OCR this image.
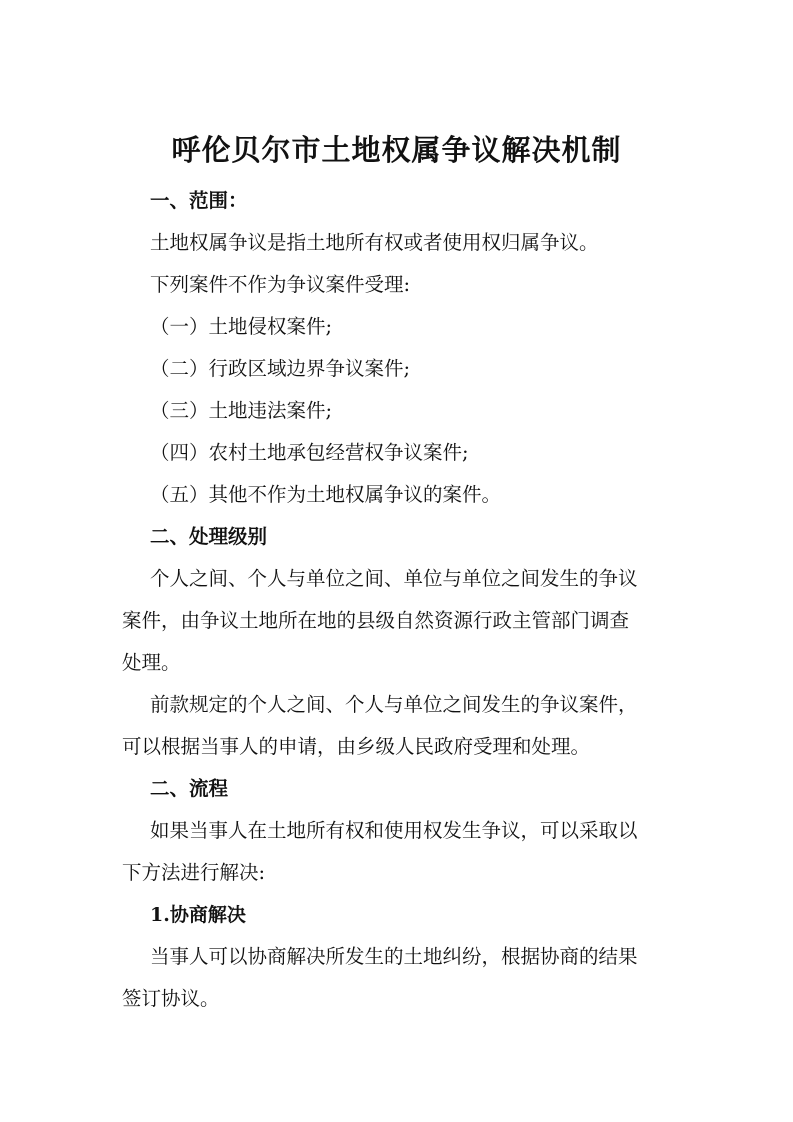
呼伦贝尔市土地权属争议解决机制
一、范围：
土地权属争议是指土地所有权或者使用权归属争议。
下列案件不作为争议案件受理:
（一）土地侵权案件;
（二）行政区域边界争议案件;
（三）土地违法案件;
（四）农村土地承包经营权争议案件;
（五）其他不作为土地权属争议的案件。
二、处理级别
个人之间、个人与单位之间、单位与单位之间发生的争议
案件，由争议土地所在地的县级自然资源行政主管部门调查
处理。
前款规定的个人之间、个人与单位之间发生的争议案件，
可以根据当事人的申请，由乡级人民政府受理和处理。
二、流程
如果当事人在土地所有权和使用权发生争议，可以采取以
下方法进行解决:
1.协商解决
当事人可以协商解决所发生的土地纠纷，根据协商的结果
签订协议。
